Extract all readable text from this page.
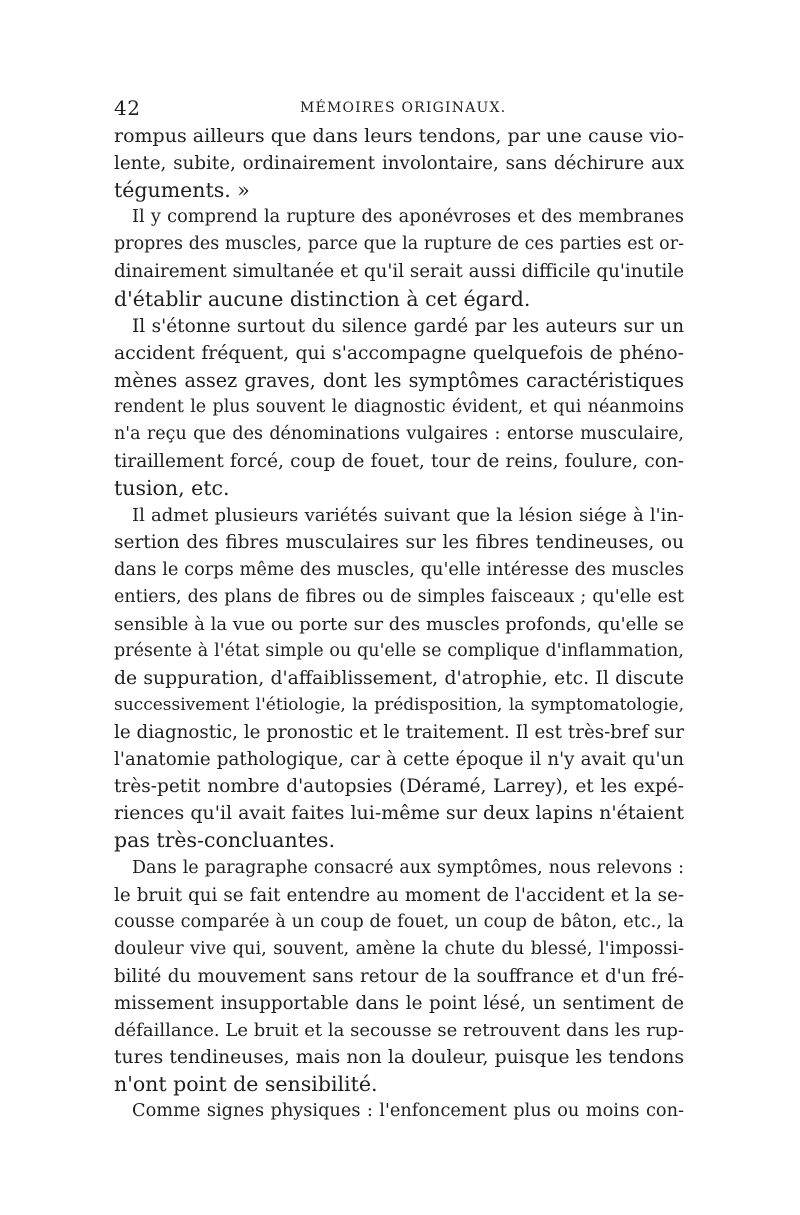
42	MÉMOIRES ORIGINAUX.
rompus ailleurs que dans leurs tendons, par une cause vio-
lente, subite, ordinairement involontaire, sans déchirure aux
téguments. »
Il y comprend la rupture des aponévroses et des membranes
propres des muscles, parce que la rupture de ces parties est or-
dinairement simultanée et qu'il serait aussi difficile qu'inutile
d'établir aucune distinction à cet égard.
Il s'étonne surtout du silence gardé par les auteurs sur un
accident fréquent, qui s'accompagne quelquefois de phéno-
mènes assez graves, dont les symptômes caractéristiques
rendent le plus souvent le diagnostic évident, et qui néanmoins
n'a reçu que des dénominations vulgaires : entorse musculaire,
tiraillement forcé, coup de fouet, tour de reins, foulure, con-
tusion, etc.
Il admet plusieurs variétés suivant que la lésion siége à l'in-
sertion des fibres musculaires sur les fibres tendineuses, ou
dans le corps même des muscles, qu'elle intéresse des muscles
entiers, des plans de fibres ou de simples faisceaux ; qu'elle est
sensible à la vue ou porte sur des muscles profonds, qu'elle se
présente à l'état simple ou qu'elle se complique d'inflammation,
de suppuration, d'affaiblissement, d'atrophie, etc. Il discute
successivement l'étiologie, la prédisposition, la symptomatologie,
le diagnostic, le pronostic et le traitement. Il est très-bref sur
l'anatomie pathologique, car à cette époque il n'y avait qu'un
très-petit nombre d'autopsies (Déramé, Larrey), et les expé-
riences qu'il avait faites lui-même sur deux lapins n'étaient
pas très-concluantes.
Dans le paragraphe consacré aux symptômes, nous relevons :
le bruit qui se fait entendre au moment de l'accident et la se-
cousse comparée à un coup de fouet, un coup de bâton, etc., la
douleur vive qui, souvent, amène la chute du blessé, l'impossi-
bilité du mouvement sans retour de la souffrance et d'un fré-
missement insupportable dans le point lésé, un sentiment de
défaillance. Le bruit et la secousse se retrouvent dans les rup-
tures tendineuses, mais non la douleur, puisque les tendons
n'ont point de sensibilité.
Comme signes physiques : l'enfoncement plus ou moins con-
